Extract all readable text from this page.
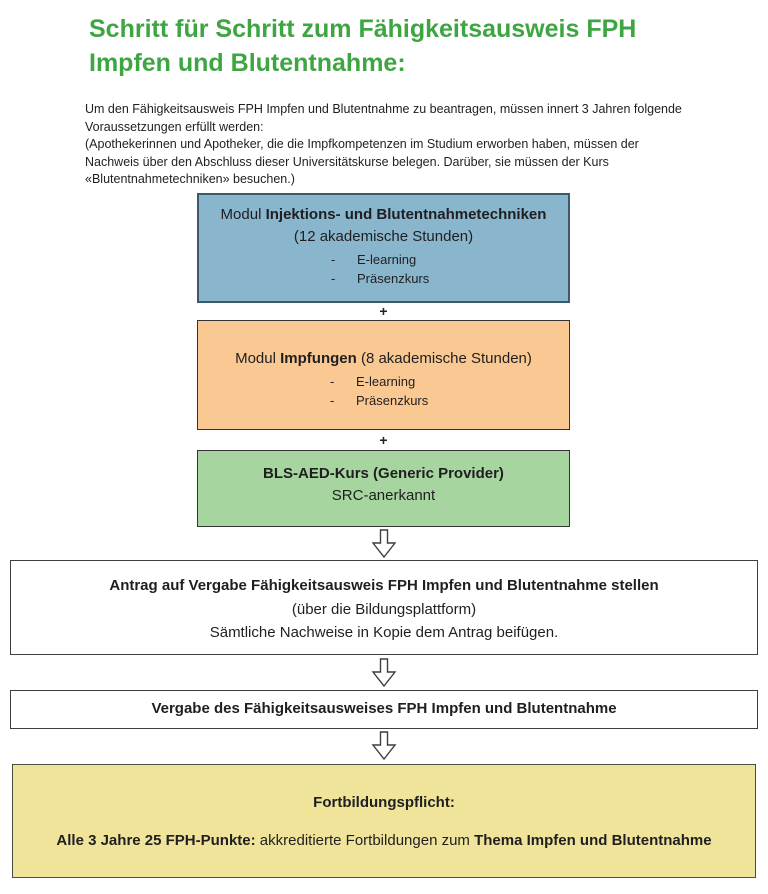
Schritt für Schritt zum Fähigkeitsausweis FPH
Impfen und Blutentnahme:
Um den Fähigkeitsausweis FPH Impfen und Blutentnahme zu beantragen, müssen innert 3 Jahren folgende
Voraussetzungen erfüllt werden:
(Apothekerinnen und Apotheker, die die Impfkompetenzen im Studium erworben haben, müssen der
Nachweis über den Abschluss dieser Universitätskurse belegen. Darüber, sie müssen der Kurs
«Blutentnahmetechniken» besuchen.)
Modul Injektions- und Blutentnahmetechniken
(12 akademische Stunden)
-	E-learning
-	Präsenzkurs
+
Modul Impfungen (8 akademische Stunden)
-	E-learning
-	Präsenzkurs
+
BLS-AED-Kurs (Generic Provider)
SRC-anerkannt
Antrag auf Vergabe Fähigkeitsausweis FPH Impfen und Blutentnahme stellen
(über die Bildungsplattform)
Sämtliche Nachweise in Kopie dem Antrag beifügen.
Vergabe des Fähigkeitsausweises FPH Impfen und Blutentnahme
Fortbildungspflicht:
Alle 3 Jahre 25 FPH-Punkte: akkreditierte Fortbildungen zum Thema Impfen und Blutentnahme
